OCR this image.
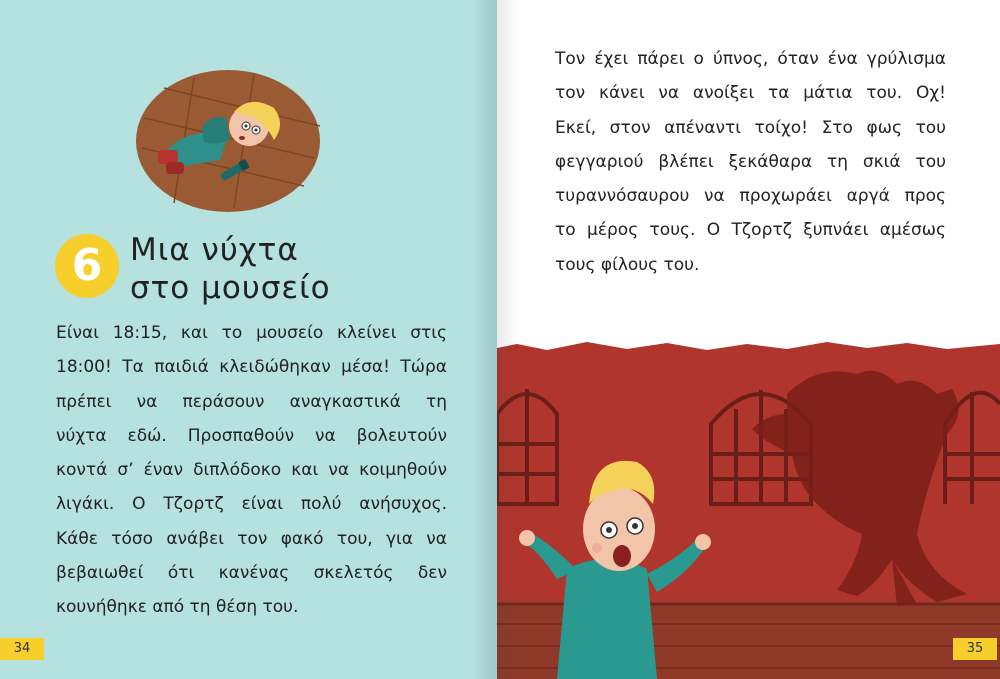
6 Μια νύχτα
στο μουσείο
Είναι 18:15, και το μουσείο κλείνει στις
18:00! Τα παιδιά κλειδώθηκαν μέσα! Τώρα
πρέπει να περάσουν αναγκαστικά τη
νύχτα εδώ. Προσπαθούν να βολευτούν
κοντά σ’ έναν διπλόδοκο και να κοιμηθούν
λιγάκι. Ο Τζορτζ είναι πολύ ανήσυχος.
Κάθε τόσο ανάβει τον φακό του, για να
βεβαιωθεί ότι κανένας σκελετός δεν
κουνήθηκε από τη θέση του.
34
Τον έχει πάρει ο ύπνος, όταν ένα γρύλισμα
τον κάνει να ανοίξει τα μάτια του. Οχ!
Εκεί, στον απέναντι τοίχο! Στο φως του
φεγγαριού βλέπει ξεκάθαρα τη σκιά του
τυραννόσαυρου να προχωράει αργά προς
το μέρος τους. Ο Τζορτζ ξυπνάει αμέσως
τους φίλους του.
35
